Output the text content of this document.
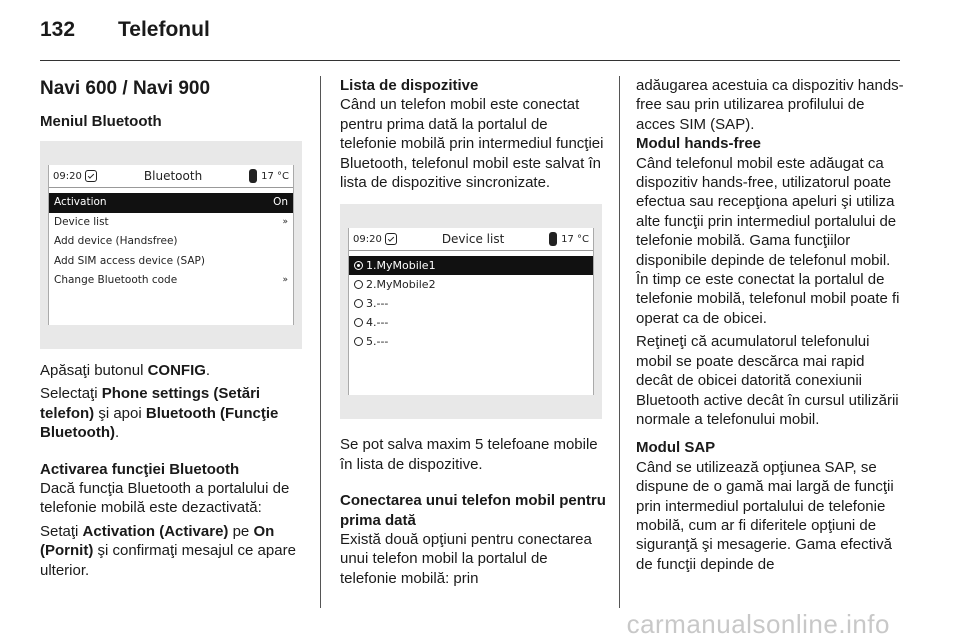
132	Telefonul
Navi 600 / Navi 900

Meniul Bluetooth

09:20	Bluetooth	17 °C
Activation	On
Device list	»
Add device (Handsfree)
Add SIM access device (SAP)
Change Bluetooth code	»

Apăsaţi butonul CONFIG.

Selectaţi Phone settings (Setări telefon) şi apoi Bluetooth (Funcţie Bluetooth).

Activarea funcţiei Bluetooth

Dacă funcţia Bluetooth a portalului de telefonie mobilă este dezactivată:

Setaţi Activation (Activare) pe On (Pornit) şi confirmaţi mesajul ce apare ulterior.

Lista de dispozitive

Când un telefon mobil este conectat pentru prima dată la portalul de telefonie mobilă prin intermediul funcţiei Bluetooth, telefonul mobil este salvat în lista de dispozitive sincronizate.

09:20	Device list	17 °C
1.MyMobile1
2.MyMobile2
3.---
4.---
5.---

Se pot salva maxim 5 telefoane mobile în lista de dispozitive.

Conectarea unui telefon mobil pentru prima dată

Există două opţiuni pentru conectarea unui telefon mobil la portalul de telefonie mobilă: prin

adăugarea acestuia ca dispozitiv hands-free sau prin utilizarea profilului de acces SIM (SAP).

Modul hands-free

Când telefonul mobil este adăugat ca dispozitiv hands-free, utilizatorul poate efectua sau recepţiona apeluri şi utiliza alte funcţii prin intermediul portalului de telefonie mobilă. Gama funcţiilor disponibile depinde de telefonul mobil. În timp ce este conectat la portalul de telefonie mobilă, telefonul mobil poate fi operat ca de obicei.

Reţineţi că acumulatorul telefonului mobil se poate descărca mai rapid decât de obicei datorită conexiunii Bluetooth active decât în cursul utilizării normale a telefonului mobil.

Modul SAP

Când se utilizează opţiunea SAP, se dispune de o gamă mai largă de funcţii prin intermediul portalului de telefonie mobilă, cum ar fi diferitele opţiuni de siguranţă şi mesagerie. Gama efectivă de funcţii depinde de

carmanualsonline.info
